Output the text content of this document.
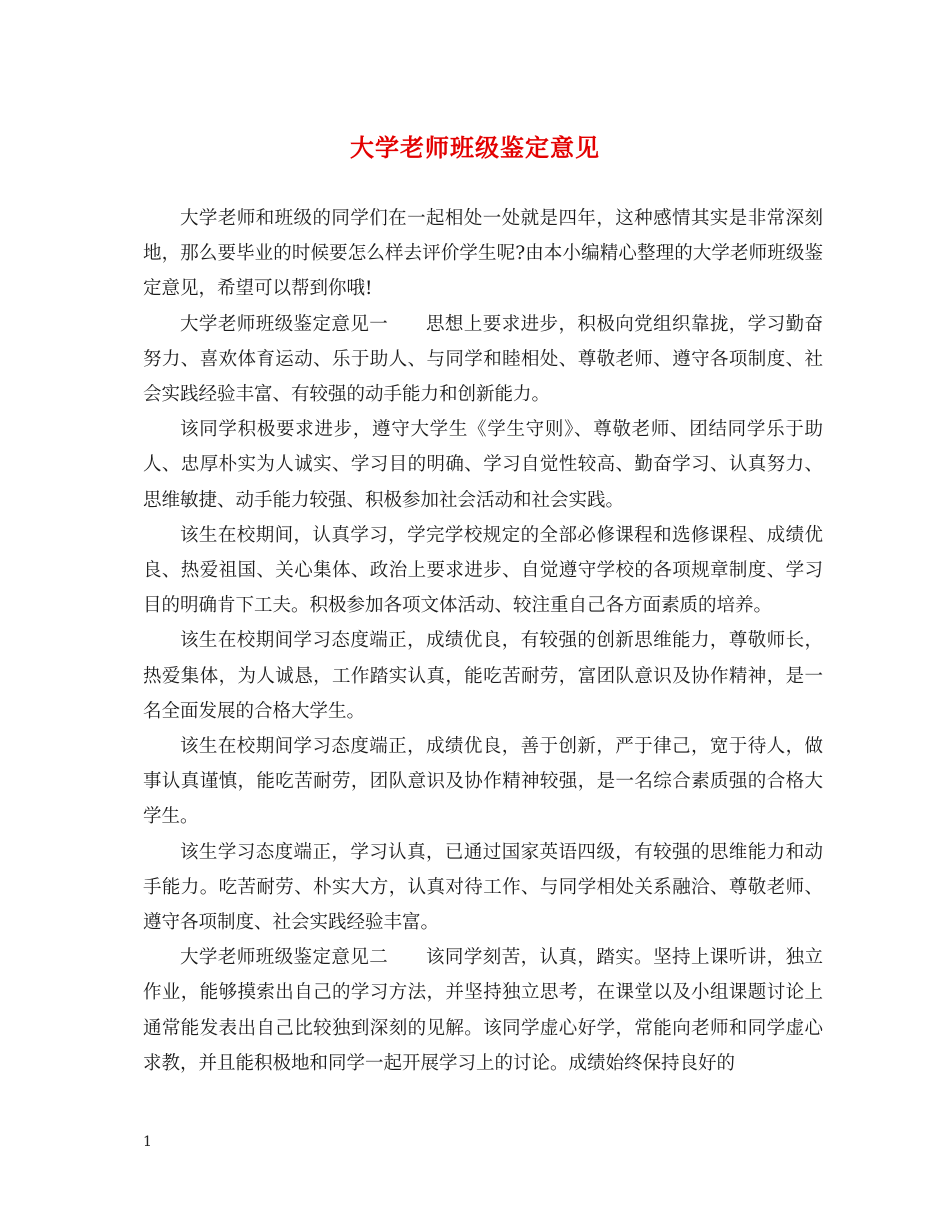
大学老师班级鉴定意见

大学老师和班级的同学们在一起相处一处就是四年，这种感情其实是非常深刻地，那么要毕业的时候要怎么样去评价学生呢?由本小编精心整理的大学老师班级鉴定意见，希望可以帮到你哦!

大学老师班级鉴定意见一　　思想上要求进步，积极向党组织靠拢，学习勤奋努力、喜欢体育运动、乐于助人、与同学和睦相处、尊敬老师、遵守各项制度、社会实践经验丰富、有较强的动手能力和创新能力。

该同学积极要求进步，遵守大学生《学生守则》、尊敬老师、团结同学乐于助人、忠厚朴实为人诚实、学习目的明确、学习自觉性较高、勤奋学习、认真努力、思维敏捷、动手能力较强、积极参加社会活动和社会实践。

该生在校期间，认真学习，学完学校规定的全部必修课程和选修课程、成绩优良、热爱祖国、关心集体、政治上要求进步、自觉遵守学校的各项规章制度、学习目的明确肯下工夫。积极参加各项文体活动、较注重自己各方面素质的培养。

该生在校期间学习态度端正，成绩优良，有较强的创新思维能力，尊敬师长，热爱集体，为人诚恳，工作踏实认真，能吃苦耐劳，富团队意识及协作精神，是一名全面发展的合格大学生。

该生在校期间学习态度端正，成绩优良，善于创新，严于律己，宽于待人，做事认真谨慎，能吃苦耐劳，团队意识及协作精神较强，是一名综合素质强的合格大学生。

该生学习态度端正，学习认真，已通过国家英语四级，有较强的思维能力和动手能力。吃苦耐劳、朴实大方，认真对待工作、与同学相处关系融洽、尊敬老师、遵守各项制度、社会实践经验丰富。

大学老师班级鉴定意见二　　该同学刻苦，认真，踏实。坚持上课听讲，独立作业，能够摸索出自己的学习方法，并坚持独立思考，在课堂以及小组课题讨论上通常能发表出自己比较独到深刻的见解。该同学虚心好学，常能向老师和同学虚心求教，并且能积极地和同学一起开展学习上的讨论。成绩始终保持良好的

1
